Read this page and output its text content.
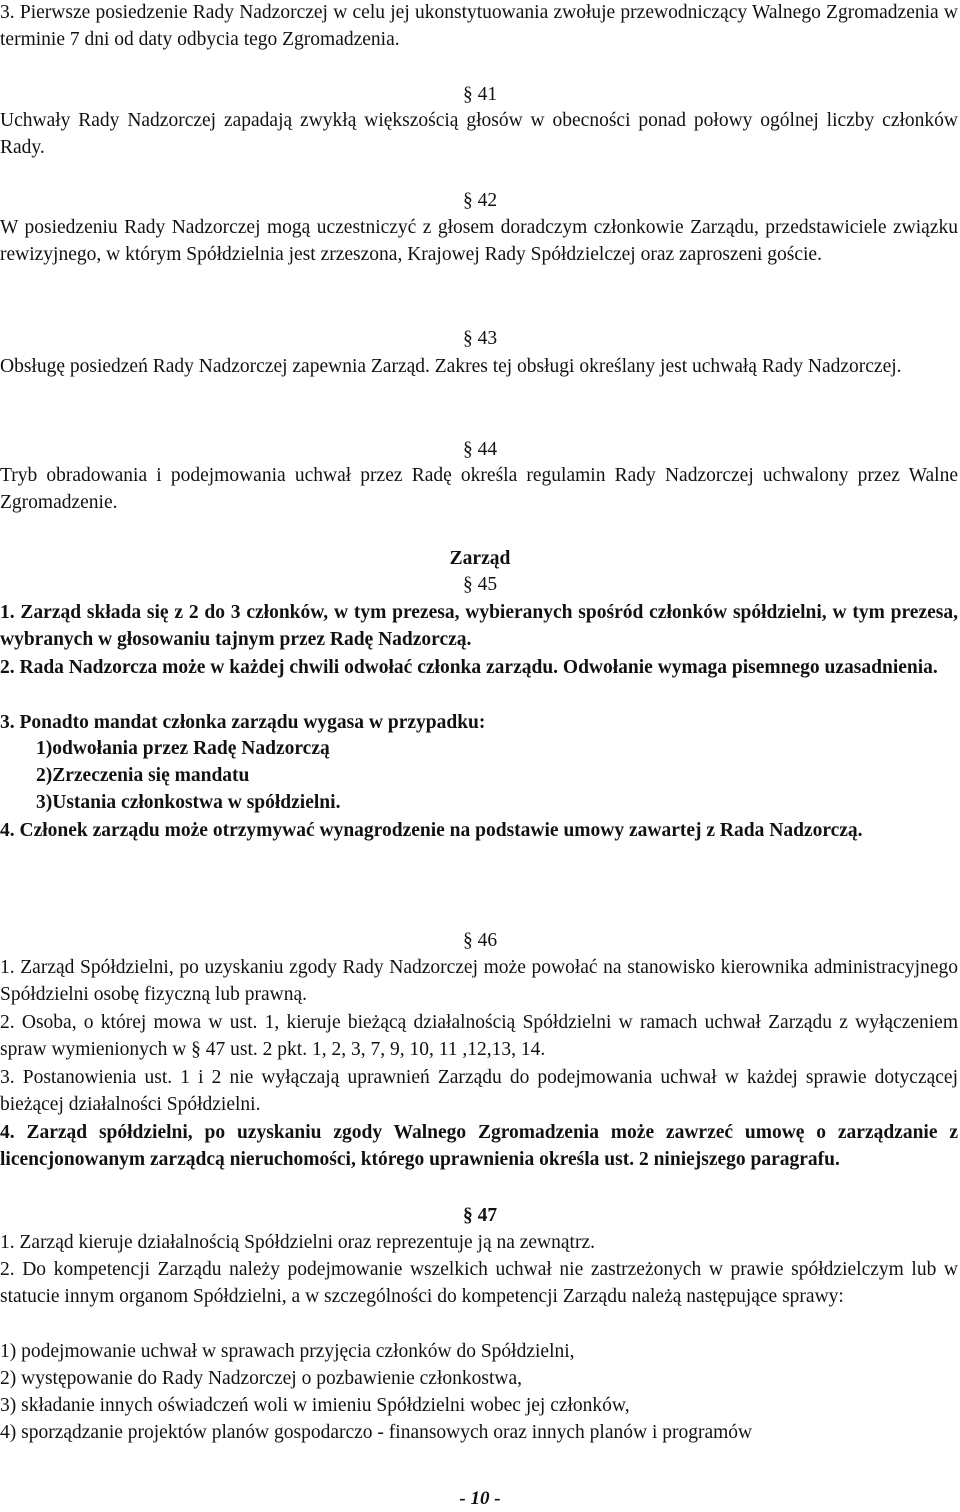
3. Pierwsze posiedzenie Rady Nadzorczej w celu jej ukonstytuowania zwołuje przewodniczący Walnego Zgromadzenia w terminie 7 dni od daty odbycia tego Zgromadzenia.

§ 41

Uchwały Rady Nadzorczej zapadają zwykłą większością głosów w obecności ponad połowy ogólnej liczby członków Rady.

§ 42

W posiedzeniu Rady Nadzorczej mogą uczestniczyć z głosem doradczym członkowie Zarządu, przedstawiciele związku rewizyjnego, w którym Spółdzielnia jest zrzeszona, Krajowej Rady Spółdzielczej oraz zaproszeni goście.

§ 43

Obsługę posiedzeń Rady Nadzorczej zapewnia Zarząd. Zakres tej obsługi określany jest uchwałą Rady Nadzorczej.

§ 44

Tryb obradowania i podejmowania uchwał przez Radę określa regulamin Rady Nadzorczej uchwalony przez Walne Zgromadzenie.

Zarząd

§ 45

1. Zarząd składa się z 2 do 3 członków, w tym prezesa, wybieranych spośród członków spółdzielni, w tym prezesa, wybranych w głosowaniu tajnym przez Radę Nadzorczą.

2. Rada Nadzorcza może w każdej chwili odwołać członka zarządu. Odwołanie wymaga pisemnego uzasadnienia.

3. Ponadto mandat członka zarządu wygasa w przypadku:

1)odwołania przez Radę Nadzorczą

2)Zrzeczenia się mandatu

3)Ustania członkostwa w spółdzielni.

4. Członek zarządu może otrzymywać wynagrodzenie na podstawie umowy zawartej z Rada Nadzorczą.

§ 46

1. Zarząd Spółdzielni, po uzyskaniu zgody Rady Nadzorczej może powołać na stanowisko kierownika administracyjnego Spółdzielni osobę fizyczną lub prawną.

2. Osoba, o której mowa w ust. 1, kieruje bieżącą działalnością Spółdzielni w ramach uchwał Zarządu z wyłączeniem spraw wymienionych w § 47 ust. 2 pkt. 1, 2, 3, 7, 9, 10, 11 ,12,13, 14.

3. Postanowienia ust. 1 i 2 nie wyłączają uprawnień Zarządu do podejmowania uchwał w każdej sprawie dotyczącej bieżącej działalności Spółdzielni.

4. Zarząd spółdzielni, po uzyskaniu zgody Walnego Zgromadzenia może zawrzeć umowę o zarządzanie z licencjonowanym zarządcą nieruchomości, którego uprawnienia określa ust. 2 niniejszego paragrafu.

§ 47

1. Zarząd kieruje działalnością Spółdzielni oraz reprezentuje ją na zewnątrz.

2. Do kompetencji Zarządu należy podejmowanie wszelkich uchwał nie zastrzeżonych w prawie spółdzielczym lub w statucie innym organom Spółdzielni, a w szczególności do kompetencji Zarządu należą następujące sprawy:

1) podejmowanie uchwał w sprawach przyjęcia członków do Spółdzielni,

2) występowanie do Rady Nadzorczej o pozbawienie członkostwa,

3) składanie innych oświadczeń woli w imieniu Spółdzielni wobec jej członków,

4) sporządzanie projektów planów gospodarczo - finansowych oraz innych planów i programów

- 10 -
